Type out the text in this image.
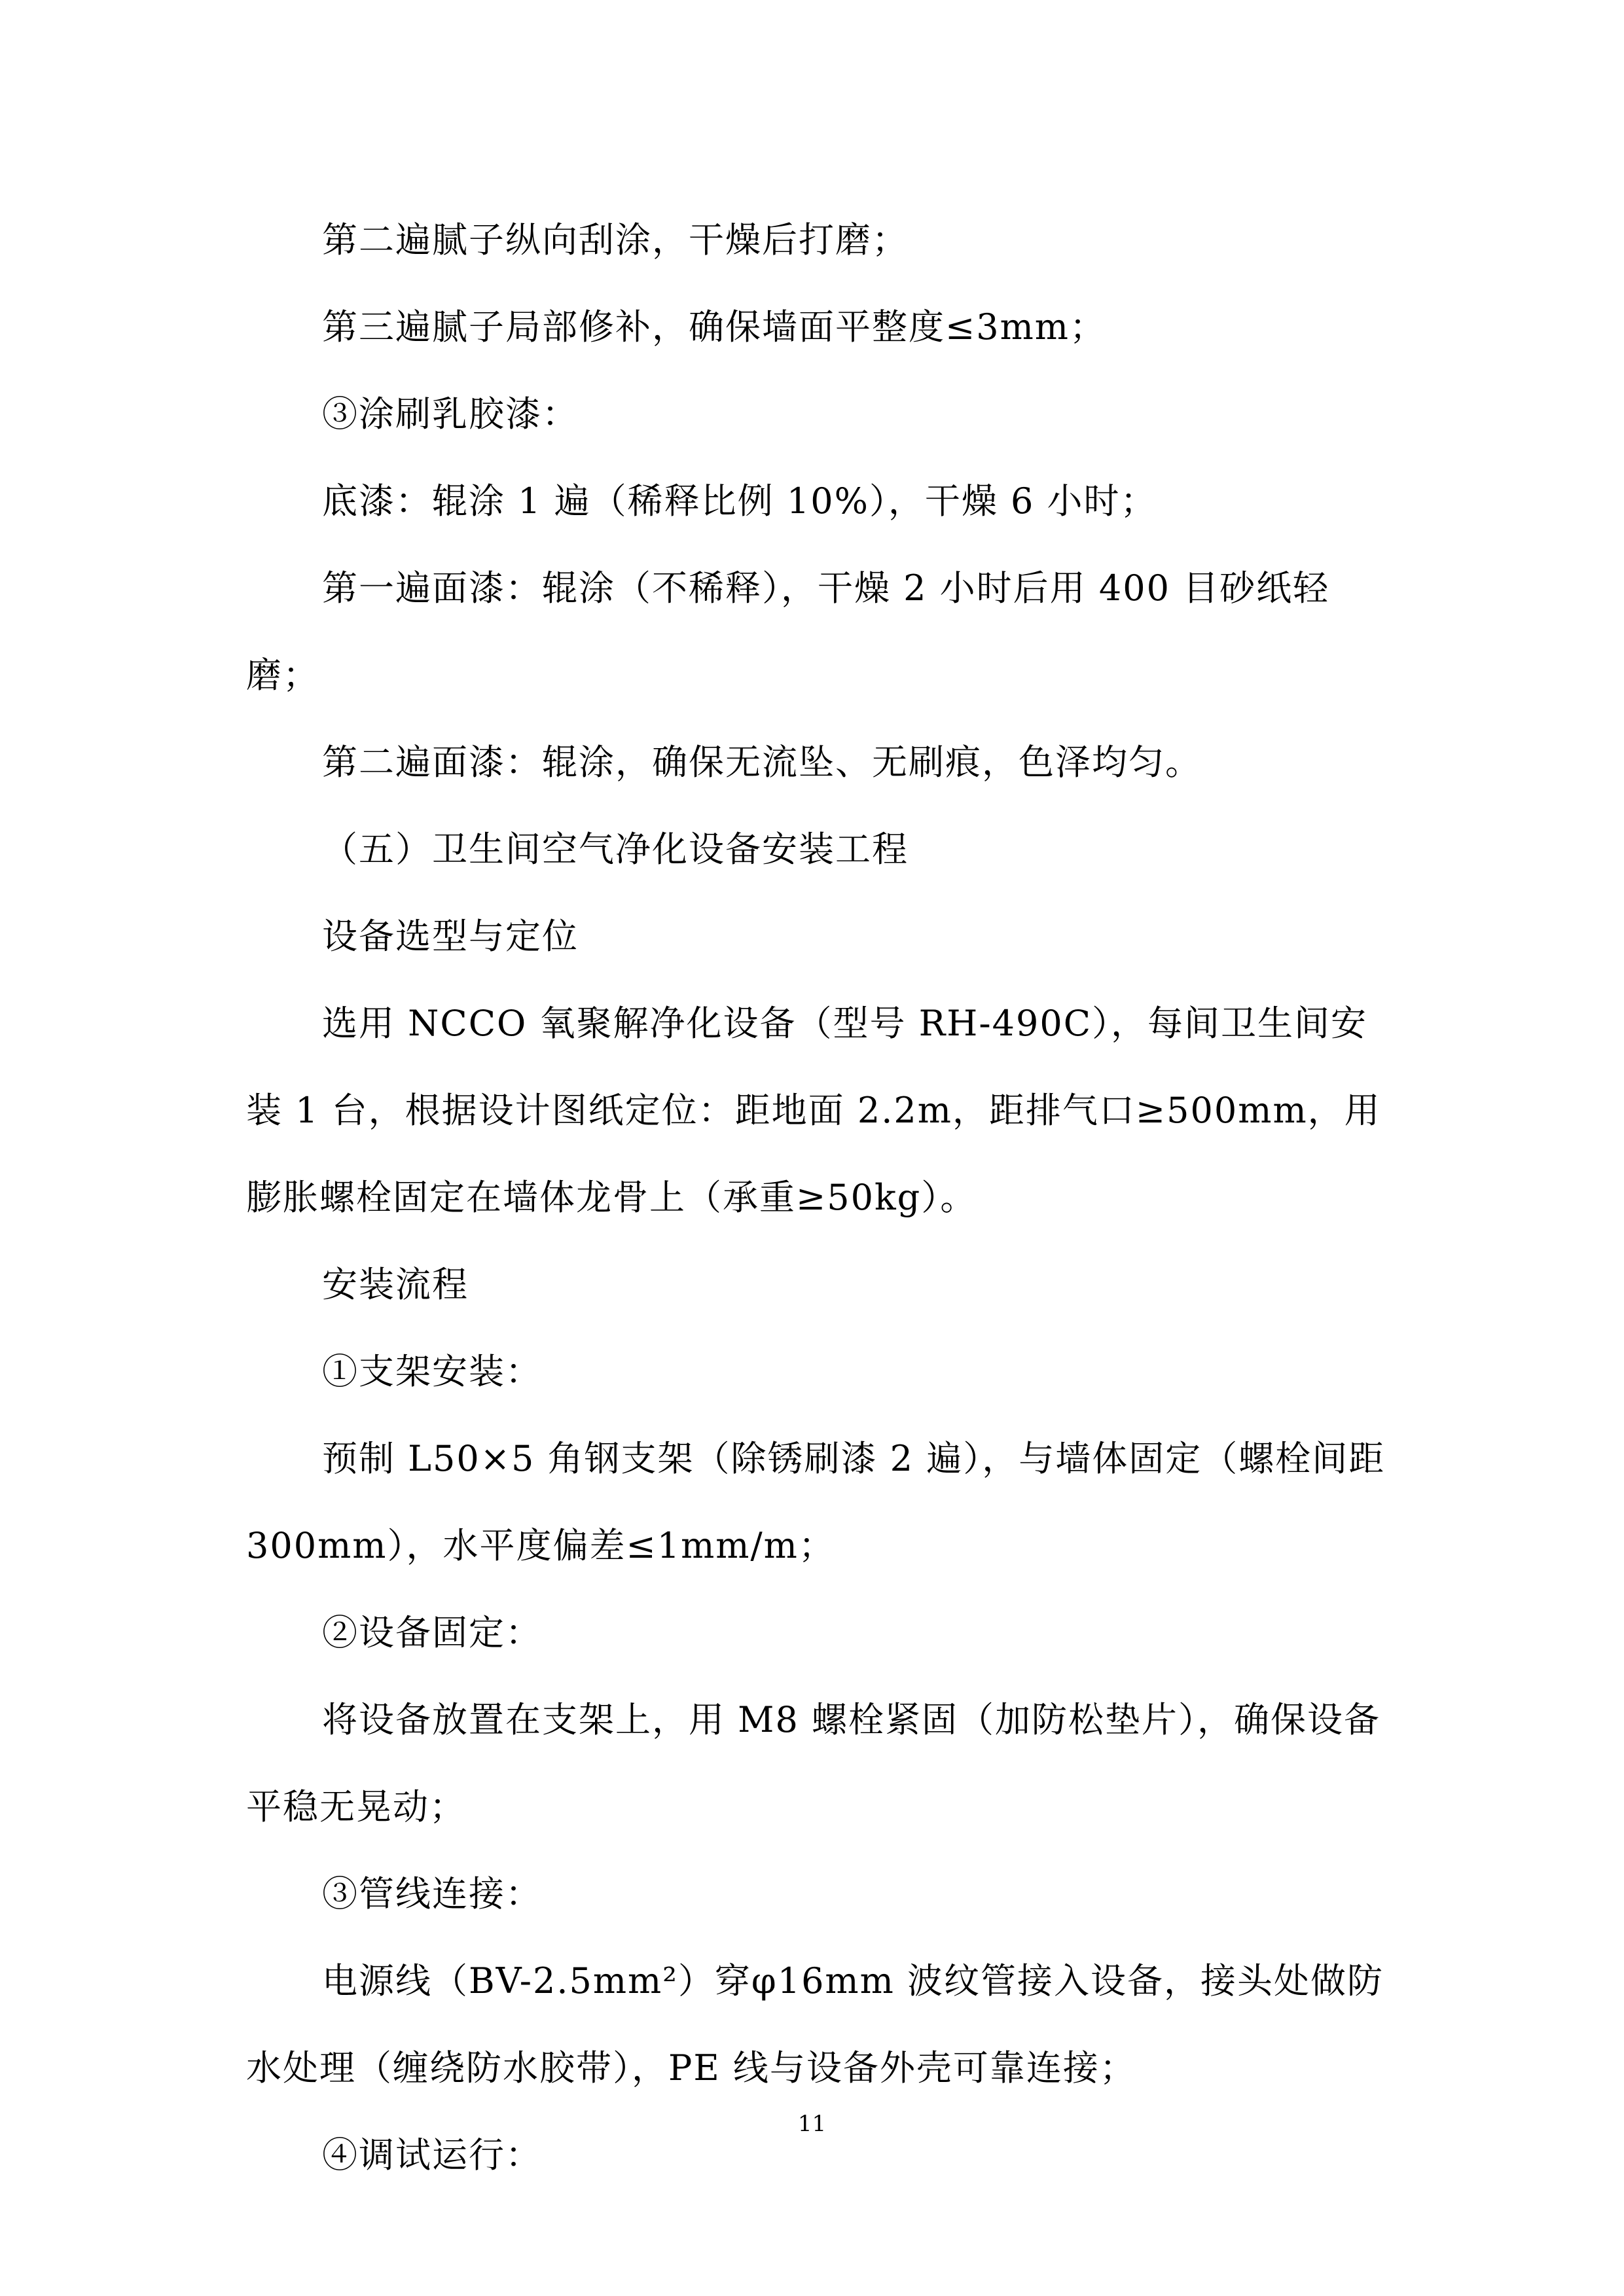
第二遍腻子纵向刮涂，干燥后打磨；

第三遍腻子局部修补，确保墙面平整度≤3mm；

③涂刷乳胶漆：

底漆：辊涂 1 遍（稀释比例 10%），干燥 6 小时；

第一遍面漆：辊涂（不稀释），干燥 2 小时后用 400 目砂纸轻磨；

第二遍面漆：辊涂，确保无流坠、无刷痕，色泽均匀。

（五）卫生间空气净化设备安装工程

设备选型与定位

选用 NCCO 氧聚解净化设备（型号 RH-490C），每间卫生间安装 1 台，根据设计图纸定位：距地面 2.2m，距排气口≥500mm，用膨胀螺栓固定在墙体龙骨上（承重≥50kg）。

安装流程

①支架安装：

预制 L50×5 角钢支架（除锈刷漆 2 遍），与墙体固定（螺栓间距 300mm），水平度偏差≤1mm/m；

②设备固定：

将设备放置在支架上，用 M8 螺栓紧固（加防松垫片），确保设备平稳无晃动；

③管线连接：

电源线（BV-2.5mm²）穿φ16mm 波纹管接入设备，接头处做防水处理（缠绕防水胶带），PE 线与设备外壳可靠连接；

④调试运行：

11
